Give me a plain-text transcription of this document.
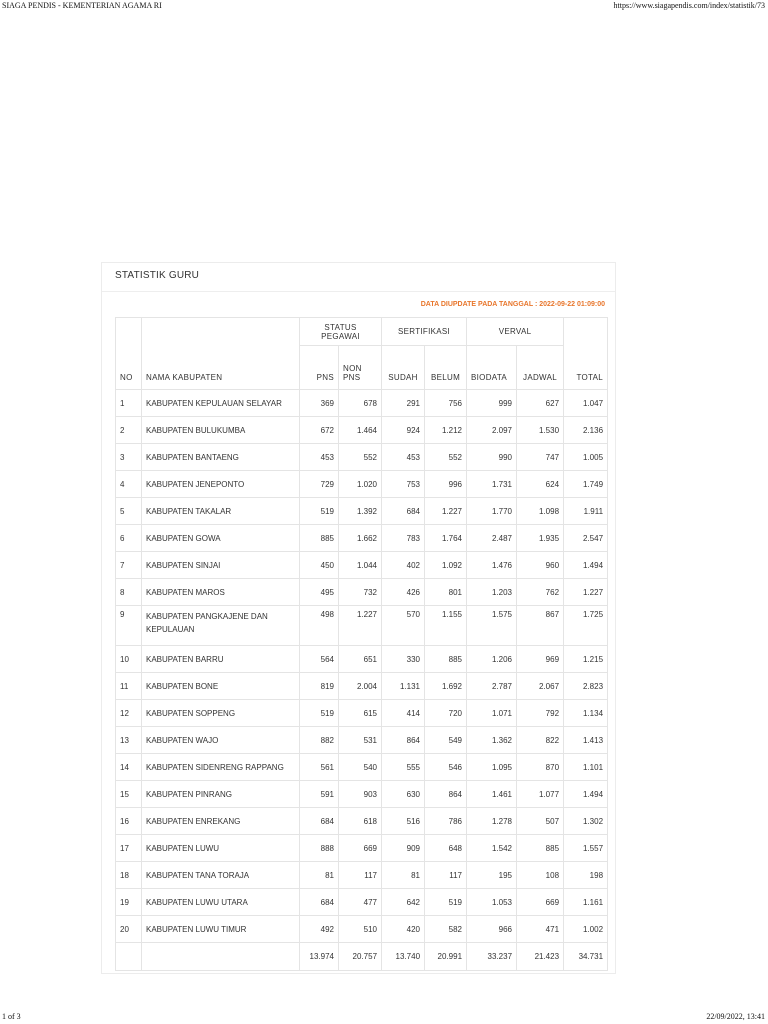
SIAGA PENDIS - KEMENTERIAN AGAMA RI	https://www.siagapendis.com/index/statistik/73
STATISTIK GURU
DATA DIUPDATE PADA TANGGAL : 2022-09-22 01:09:00
NO	NAMA KABUPATEN	STATUS PEGAWAI		SERTIFIKASI		VERVAL		TOTAL
		PNS	NON PNS	SUDAH	BELUM	BIODATA	JADWAL	
1	KABUPATEN KEPULAUAN SELAYAR	369	678	291	756	999	627	1.047
2	KABUPATEN BULUKUMBA	672	1.464	924	1.212	2.097	1.530	2.136
3	KABUPATEN BANTAENG	453	552	453	552	990	747	1.005
4	KABUPATEN JENEPONTO	729	1.020	753	996	1.731	624	1.749
5	KABUPATEN TAKALAR	519	1.392	684	1.227	1.770	1.098	1.911
6	KABUPATEN GOWA	885	1.662	783	1.764	2.487	1.935	2.547
7	KABUPATEN SINJAI	450	1.044	402	1.092	1.476	960	1.494
8	KABUPATEN MAROS	495	732	426	801	1.203	762	1.227
9	KABUPATEN PANGKAJENE DAN KEPULAUAN	498	1.227	570	1.155	1.575	867	1.725
10	KABUPATEN BARRU	564	651	330	885	1.206	969	1.215
11	KABUPATEN BONE	819	2.004	1.131	1.692	2.787	2.067	2.823
12	KABUPATEN SOPPENG	519	615	414	720	1.071	792	1.134
13	KABUPATEN WAJO	882	531	864	549	1.362	822	1.413
14	KABUPATEN SIDENRENG RAPPANG	561	540	555	546	1.095	870	1.101
15	KABUPATEN PINRANG	591	903	630	864	1.461	1.077	1.494
16	KABUPATEN ENREKANG	684	618	516	786	1.278	507	1.302
17	KABUPATEN LUWU	888	669	909	648	1.542	885	1.557
18	KABUPATEN TANA TORAJA	81	117	81	117	195	108	198
19	KABUPATEN LUWU UTARA	684	477	642	519	1.053	669	1.161
20	KABUPATEN LUWU TIMUR	492	510	420	582	966	471	1.002
		13.974	20.757	13.740	20.991	33.237	21.423	34.731
1 of 3	22/09/2022, 13:41
